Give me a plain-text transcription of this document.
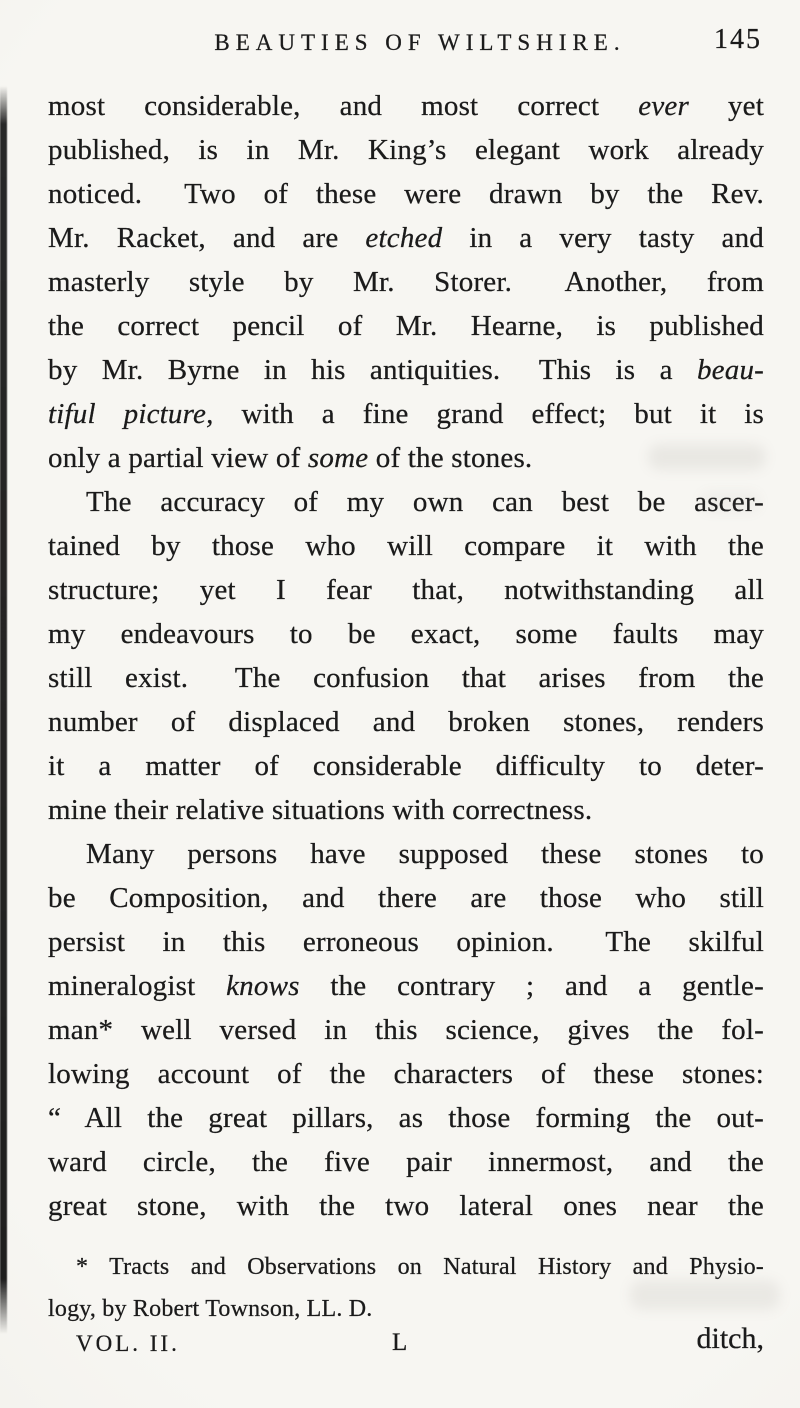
BEAUTIES OF WILTSHIRE.	145
most considerable, and most correct ever yet
published, is in Mr. King’s elegant work already
noticed.  Two of these were drawn by the Rev.
Mr. Racket, and are etched in a very tasty and
masterly style by Mr. Storer.  Another, from
the correct pencil of Mr. Hearne, is published
by Mr. Byrne in his antiquities.  This is a beau-
tiful picture, with a fine grand effect; but it is
only a partial view of some of the stones.
The accuracy of my own can best be ascer-
tained by those who will compare it with the
structure; yet I fear that, notwithstanding all
my endeavours to be exact, some faults may
still exist.  The confusion that arises from the
number of displaced and broken stones, renders
it a matter of considerable difficulty to deter-
mine their relative situations with correctness.
Many persons have supposed these stones to
be Composition, and there are those who still
persist in this erroneous opinion.  The skilful
mineralogist knows the contrary ; and a gentle-
man* well versed in this science, gives the fol-
lowing account of the characters of these stones:
“ All the great pillars, as those forming the out-
ward circle, the five pair innermost, and the
great stone, with the two lateral ones near the
* Tracts and Observations on Natural History and Physio-
logy, by Robert Townson, LL. D.
VOL. II.	L	ditch,
